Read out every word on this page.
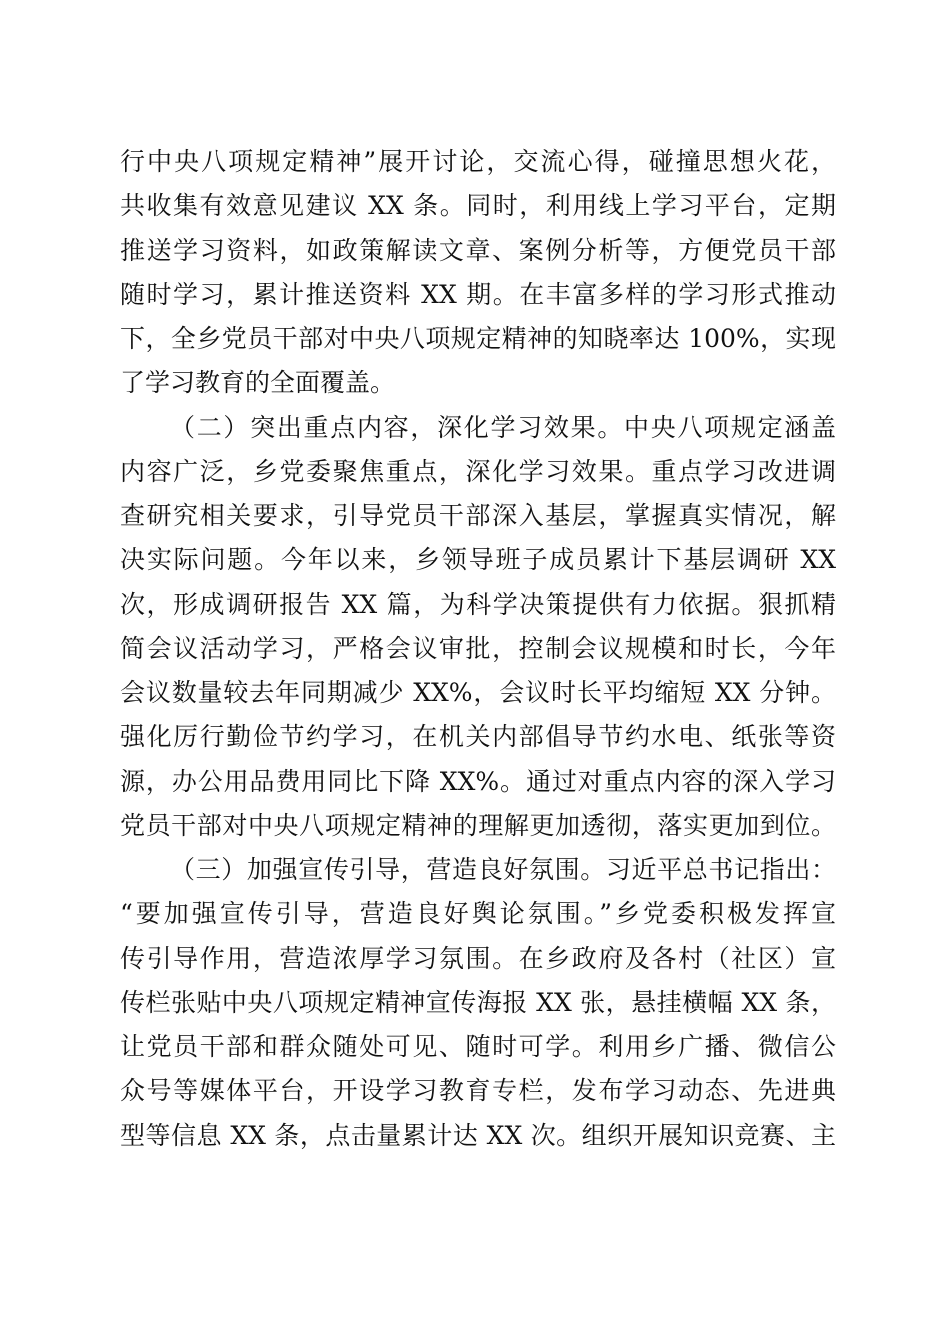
行中央八项规定精神”展开讨论，交流心得，碰撞思想火花，
共收集有效意见建议 XX 条。同时，利用线上学习平台，定期
推送学习资料，如政策解读文章、案例分析等，方便党员干部
随时学习，累计推送资料 XX 期。在丰富多样的学习形式推动
下，全乡党员干部对中央八项规定精神的知晓率达 100%，实现
了学习教育的全面覆盖。
（二）突出重点内容，深化学习效果。中央八项规定涵盖
内容广泛，乡党委聚焦重点，深化学习效果。重点学习改进调
查研究相关要求，引导党员干部深入基层，掌握真实情况，解
决实际问题。今年以来，乡领导班子成员累计下基层调研 XX
次，形成调研报告 XX 篇，为科学决策提供有力依据。狠抓精
简会议活动学习，严格会议审批，控制会议规模和时长，今年
会议数量较去年同期减少 XX%，会议时长平均缩短 XX 分钟。
强化厉行勤俭节约学习，在机关内部倡导节约水电、纸张等资
源，办公用品费用同比下降 XX%。通过对重点内容的深入学习
党员干部对中央八项规定精神的理解更加透彻，落实更加到位。
（三）加强宣传引导，营造良好氛围。习近平总书记指出：
“要加强宣传引导，营造良好舆论氛围。”乡党委积极发挥宣
传引导作用，营造浓厚学习氛围。在乡政府及各村（社区）宣
传栏张贴中央八项规定精神宣传海报 XX 张，悬挂横幅 XX 条，
让党员干部和群众随处可见、随时可学。利用乡广播、微信公
众号等媒体平台，开设学习教育专栏，发布学习动态、先进典
型等信息 XX 条，点击量累计达 XX 次。组织开展知识竞赛、主
